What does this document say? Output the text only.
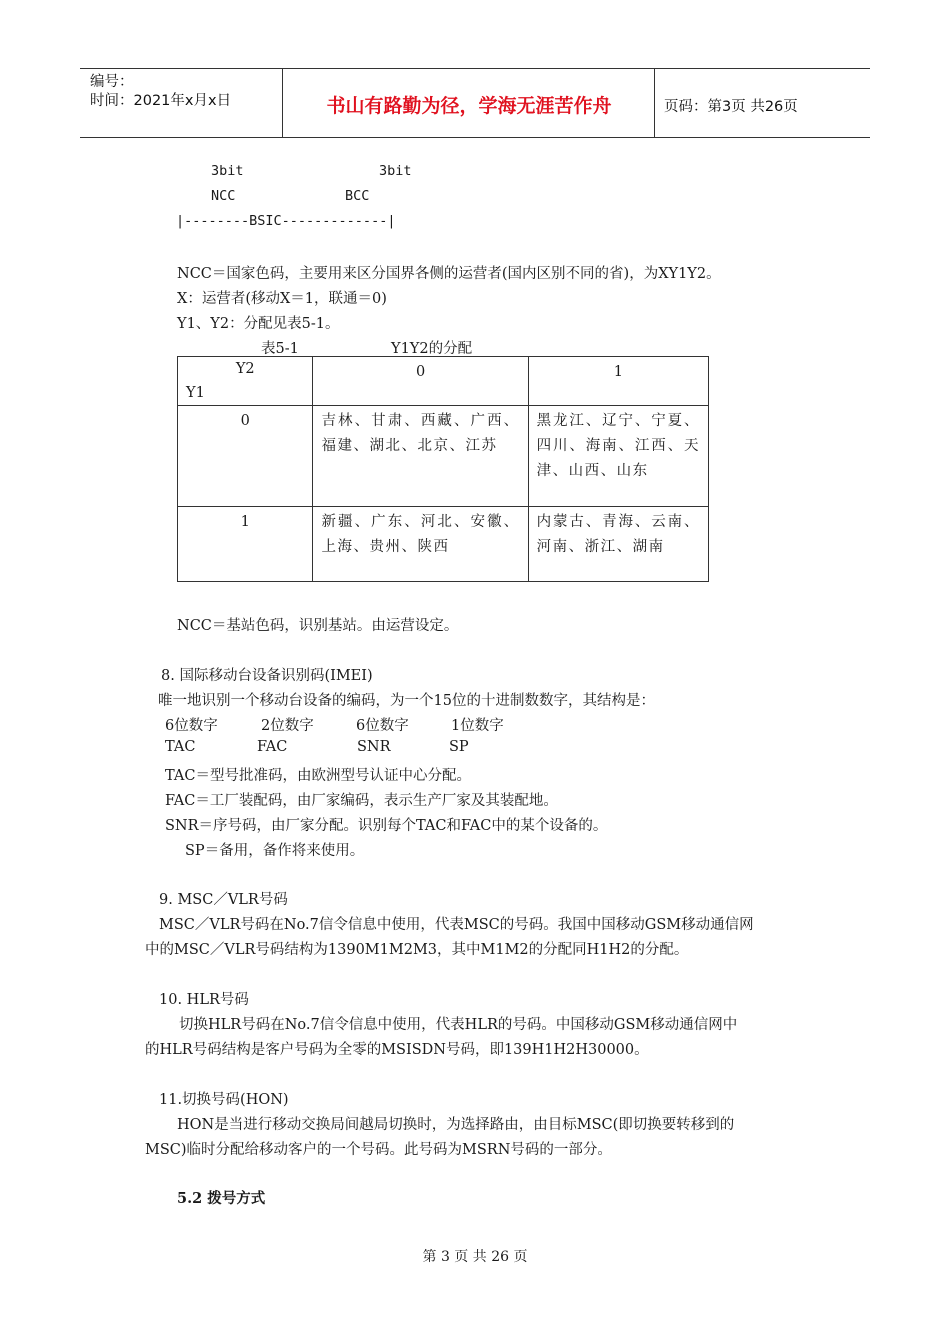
编号：
时间：2021年x月x日	书山有路勤为径，学海无涯苦作舟	页码：第3页 共26页
3bit	3bit
NCC	BCC
|--------BSIC-------------|
NCC＝国家色码，主要用来区分国界各侧的运营者(国内区别不同的省)，为XY1Y2。
X：运营者(移动X＝1，联通＝0)
Y1、Y2：分配见表5-1。
表5-1	Y1Y2的分配
Y2
Y1	0	1
0	吉林、甘肃、西藏、广西、福建、湖北、北京、江苏	黑龙江、辽宁、宁夏、四川、海南、江西、天津、山西、山东
1	新疆、广东、河北、安徽、上海、贵州、陕西	内蒙古、青海、云南、河南、浙江、湖南
NCC＝基站色码，识别基站。由运营设定。
8. 国际移动台设备识别码(IMEI)
唯一地识别一个移动台设备的编码，为一个15位的十进制数数字，其结构是：
6位数字	2位数字	6位数字	1位数字
TAC	FAC	SNR	SP
TAC＝型号批准码，由欧洲型号认证中心分配。
FAC＝工厂装配码，由厂家编码，表示生产厂家及其装配地。
SNR＝序号码，由厂家分配。识别每个TAC和FAC中的某个设备的。
SP＝备用，备作将来使用。
9. MSC／VLR号码
MSC／VLR号码在No.7信令信息中使用，代表MSC的号码。我国中国移动GSM移动通信网
中的MSC／VLR号码结构为1390M1M2M3，其中M1M2的分配同H1H2的分配。
10. HLR号码
切换HLR号码在No.7信令信息中使用，代表HLR的号码。中国移动GSM移动通信网中
的HLR号码结构是客户号码为全零的MSISDN号码，即139H1H2H30000。
11.切换号码(HON)
HON是当进行移动交换局间越局切换时，为选择路由，由目标MSC(即切换要转移到的
MSC)临时分配给移动客户的一个号码。此号码为MSRN号码的一部分。
5.2 拨号方式
第 3 页 共 26 页
